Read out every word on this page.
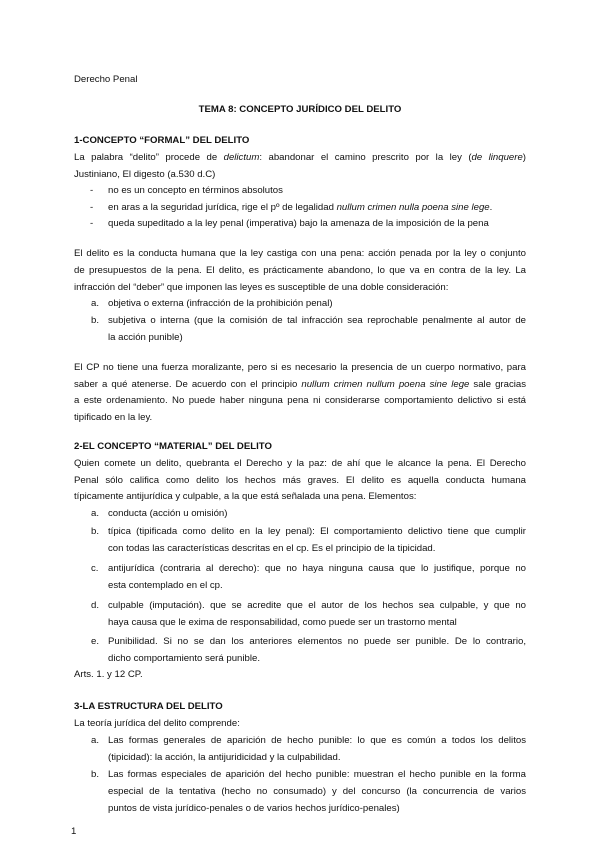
Derecho Penal
TEMA 8: CONCEPTO JURÍDICO DEL DELITO
1-CONCEPTO “FORMAL” DEL DELITO
La palabra “delito” procede de delictum: abandonar el camino prescrito por la ley (de linquere)
Justiniano, El digesto (a.530 d.C)
- no es un concepto en términos absolutos
- en aras a la seguridad jurídica, rige el pº de legalidad nullum crimen nulla poena sine lege.
- queda supeditado a la ley penal (imperativa) bajo la amenaza de la imposición de la pena
El delito es la conducta humana que la ley castiga con una pena: acción penada por la ley o conjunto
de presupuestos de la pena. El delito, es prácticamente abandono, lo que va en contra de la ley. La
infracción del “deber” que imponen las leyes es susceptible de una doble consideración:
a. objetiva o externa (infracción de la prohibición penal)
b. subjetiva o interna (que la comisión de tal infracción sea reprochable penalmente al autor de
la acción punible)
El CP no tiene una fuerza moralizante, pero si es necesario la presencia de un cuerpo normativo, para
saber a qué atenerse. De acuerdo con el principio nullum crimen nullum poena sine lege sale gracias
a este ordenamiento. No puede haber ninguna pena ni considerarse comportamiento delictivo si está
tipificado en la ley.
2-EL CONCEPTO “MATERIAL” DEL DELITO
Quien comete un delito, quebranta el Derecho y la paz: de ahí que le alcance la pena. El Derecho
Penal sólo califica como delito los hechos más graves. El delito es aquella conducta humana
típicamente antijurídica y culpable, a la que está señalada una pena. Elementos:
a. conducta (acción u omisión)
b. típica (tipificada como delito en la ley penal): El comportamiento delictivo tiene que cumplir
con todas las características descritas en el cp. Es el principio de la tipicidad.
c. antijurídica (contraria al derecho): que no haya ninguna causa que lo justifique, porque no
esta contemplado en el cp.
d. culpable (imputación). que se acredite que el autor de los hechos sea culpable, y que no
haya causa que le exima de responsabilidad, como puede ser un trastorno mental
e. Punibilidad. Si no se dan los anteriores elementos no puede ser punible. De lo contrario,
dicho comportamiento será punible.
Arts. 1. y 12 CP.
3-LA ESTRUCTURA DEL DELITO
La teoría jurídica del delito comprende:
a. Las formas generales de aparición de hecho punible: lo que es común a todos los delitos
(tipicidad): la acción, la antijuridicidad y la culpabilidad.
b. Las formas especiales de aparición del hecho punible: muestran el hecho punible en la forma
especial de la tentativa (hecho no consumado) y del concurso (la concurrencia de varios
puntos de vista jurídico-penales o de varios hechos jurídico-penales)
1
